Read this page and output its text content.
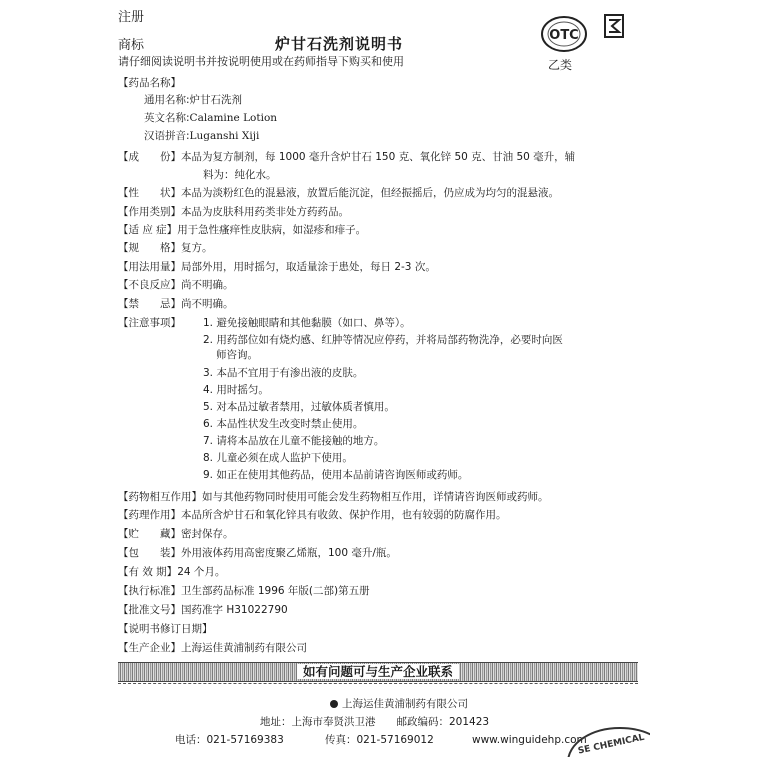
注册
商标	炉甘石洗剂说明书	OTC
乙类
请仔细阅读说明书并按说明使用或在药师指导下购买和使用
【药品名称】
通用名称:炉甘石洗剂
英文名称:Calamine Lotion
汉语拼音:Luganshi Xiji
【成　　份】本品为复方制剂，每 1000 毫升含炉甘石 150 克、氧化锌 50 克、甘油 50 毫升，辅
料为：纯化水。
【性　　状】本品为淡粉红色的混悬液，放置后能沉淀，但经振摇后，仍应成为均匀的混悬液。
【作用类别】本品为皮肤科用药类非处方药药品。
【适 应 症】用于急性瘙痒性皮肤病，如湿疹和痱子。
【规　　格】复方。
【用法用量】局部外用，用时摇匀，取适量涂于患处，每日 2-3 次。
【不良反应】尚不明确。
【禁　　忌】尚不明确。
【注意事项】 1. 避免接触眼睛和其他黏膜（如口、鼻等）。
2. 用药部位如有烧灼感、红肿等情况应停药，并将局部药物洗净，必要时向医
师咨询。
3. 本品不宜用于有渗出液的皮肤。
4. 用时摇匀。
5. 对本品过敏者禁用，过敏体质者慎用。
6. 本品性状发生改变时禁止使用。
7. 请将本品放在儿童不能接触的地方。
8. 儿童必须在成人监护下使用。
9. 如正在使用其他药品，使用本品前请咨询医师或药师。
【药物相互作用】如与其他药物同时使用可能会发生药物相互作用，详情请咨询医师或药师。
【药理作用】本品所含炉甘石和氧化锌具有收敛、保护作用，也有较弱的防腐作用。
【贮　　藏】密封保存。
【包　　装】外用液体药用高密度聚乙烯瓶，100 毫升/瓶。
【有 效 期】24 个月。
【执行标准】卫生部药品标准 1996 年版(二部)第五册
【批准文号】国药准字 H31022790
【说明书修订日期】
如有问题可与生产企业联系
上海运佳黄浦制药有限公司
地址：上海市奉贤洪卫港　　邮政编码：201423
电话：021-57169383	传真：021-57169012	www.winguidehp.com
SE CHEMICAL
【生产企业】上海运佳黄浦制药有限公司
